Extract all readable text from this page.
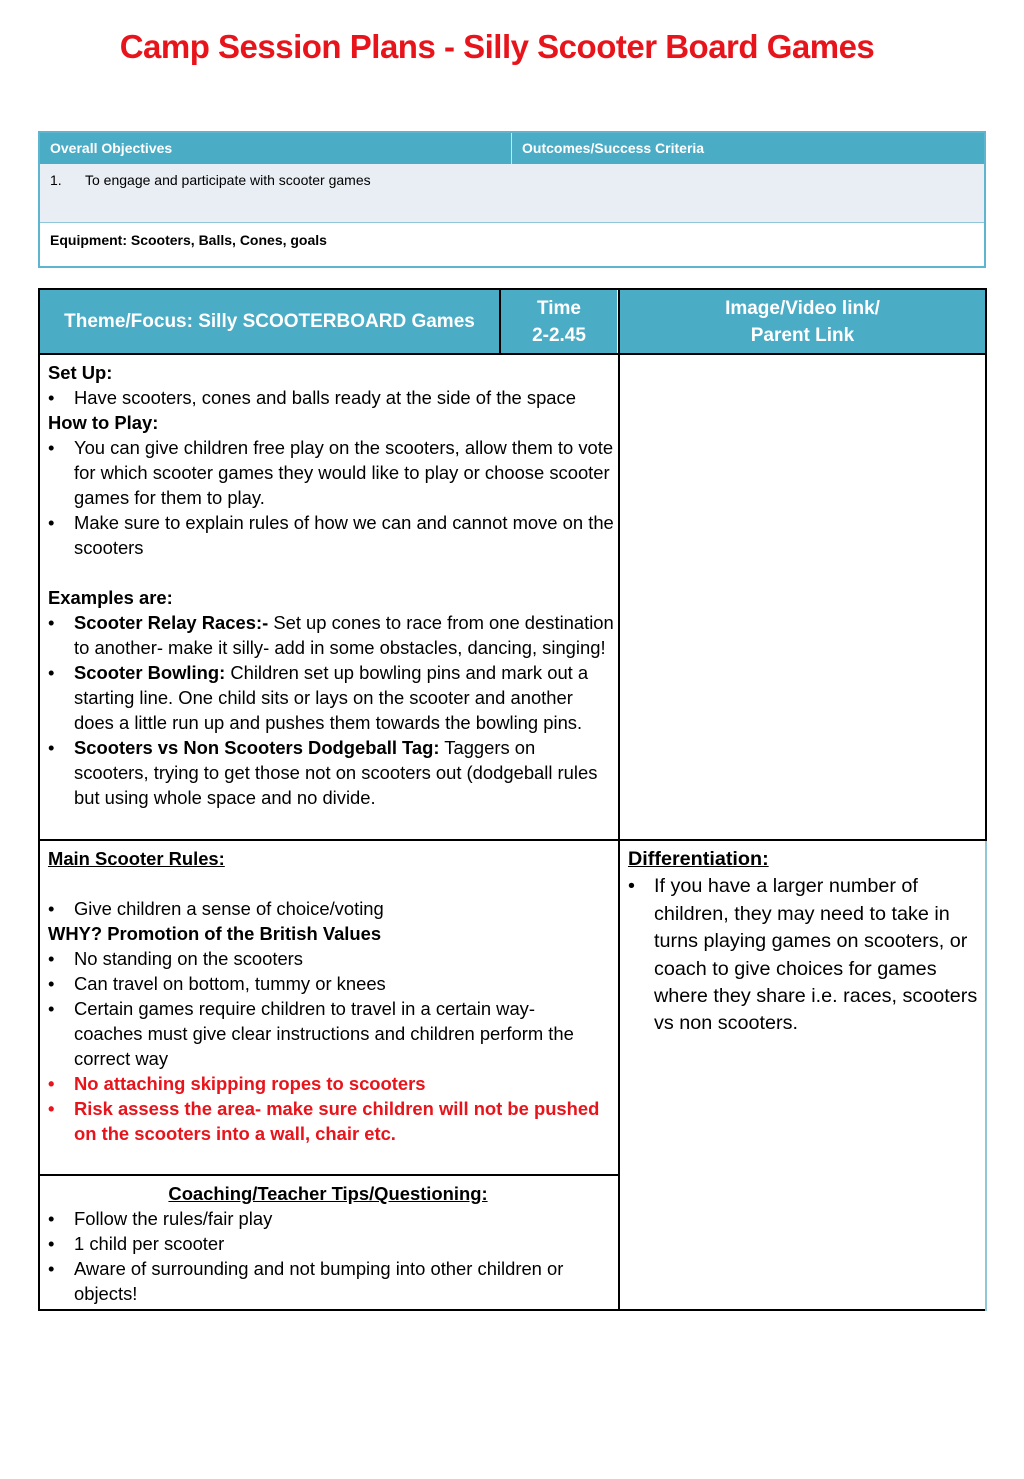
Camp Session Plans - Silly Scooter Board Games
Overall Objectives	Outcomes/Success Criteria
1. To engage and participate with scooter games
Equipment: Scooters, Balls, Cones, goals
Theme/Focus: Silly SCOOTERBOARD Games
Time
2-2.45
Image/Video link/
Parent Link

Set Up:

• Have scooters, cones and balls ready at the side of the space

How to Play:

• You can give children free play on the scooters, allow them to vote for which scooter games they would like to play or choose scooter games for them to play.
• Make sure to explain rules of how we can and cannot move on the scooters

Examples are:

• Scooter Relay Races:- Set up cones to race from one destination to another- make it silly- add in some obstacles, dancing, singing!
• Scooter Bowling: Children set up bowling pins and mark out a starting line. One child sits or lays on the scooter and another does a little run up and pushes them towards the bowling pins.
• Scooters vs Non Scooters Dodgeball Tag: Taggers on scooters, trying to get those not on scooters out (dodgeball rules but using whole space and no divide.

Main Scooter Rules:

• Give children a sense of choice/voting

WHY? Promotion of the British Values

• No standing on the scooters
• Can travel on bottom, tummy or knees
• Certain games require children to travel in a certain way- coaches must give clear instructions and children perform the correct way
• No attaching skipping ropes to scooters
• Risk assess the area- make sure children will not be pushed on the scooters into a wall, chair etc.

Differentiation:

• If you have a larger number of children, they may need to take in turns playing games on scooters, or coach to give choices for games where they share i.e. races, scooters vs non scooters.

Coaching/Teacher Tips/Questioning:

• Follow the rules/fair play
• 1 child per scooter
• Aware of surrounding and not bumping into other children or objects!
